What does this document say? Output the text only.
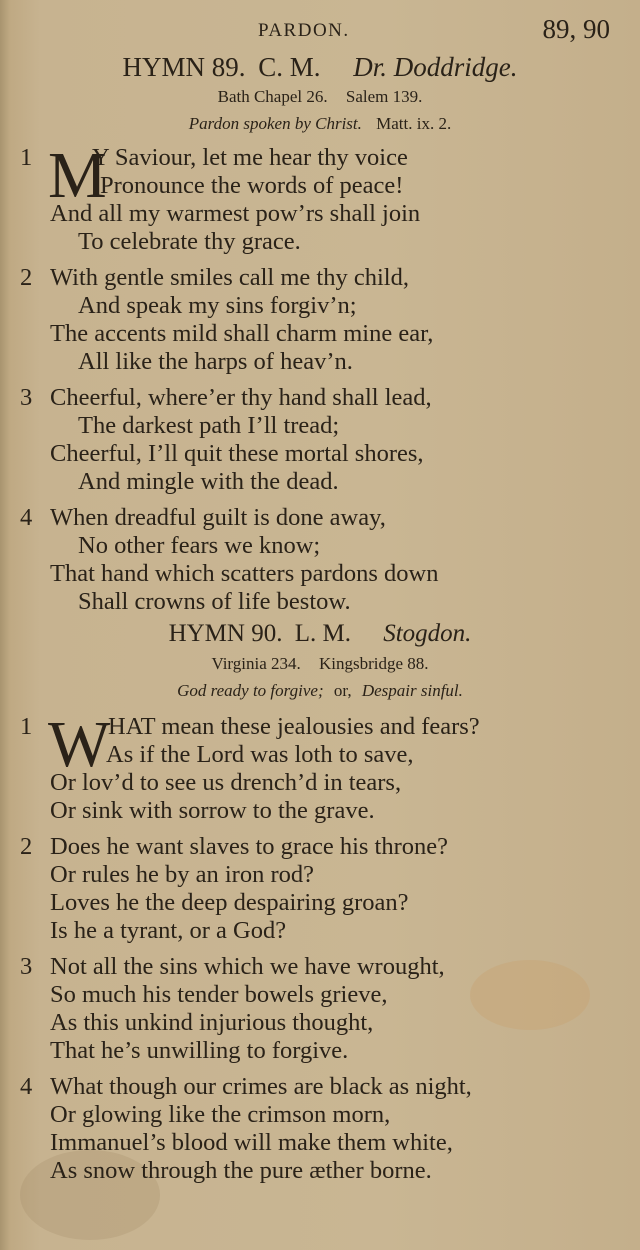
PARDON.	89, 90
HYMN 89. C. M. Dr. Doddridge.
Bath Chapel 26. Salem 139.
Pardon spoken by Christ. Matt. ix. 2.
1 M
Y Saviour, let me hear thy voice
Pronounce the words of peace!
And all my warmest pow’rs shall join
To celebrate thy grace.
2 With gentle smiles call me thy child,
And speak my sins forgiv’n;
The accents mild shall charm mine ear,
All like the harps of heav’n.
3 Cheerful, where’er thy hand shall lead,
The darkest path I’ll tread;
Cheerful, I’ll quit these mortal shores,
And mingle with the dead.
4 When dreadful guilt is done away,
No other fears we know;
That hand which scatters pardons down
Shall crowns of life bestow.
HYMN 90. L. M. Stogdon.
Virginia 234. Kingsbridge 88.
God ready to forgive; or, Despair sinful.
1 W
HAT mean these jealousies and fears?
As if the Lord was loth to save,
Or lov’d to see us drench’d in tears,
Or sink with sorrow to the grave.
2 Does he want slaves to grace his throne?
Or rules he by an iron rod?
Loves he the deep despairing groan?
Is he a tyrant, or a God?
3 Not all the sins which we have wrought,
So much his tender bowels grieve,
As this unkind injurious thought,
That he’s unwilling to forgive.
4 What though our crimes are black as night,
Or glowing like the crimson morn,
Immanuel’s blood will make them white,
As snow through the pure æther borne.
